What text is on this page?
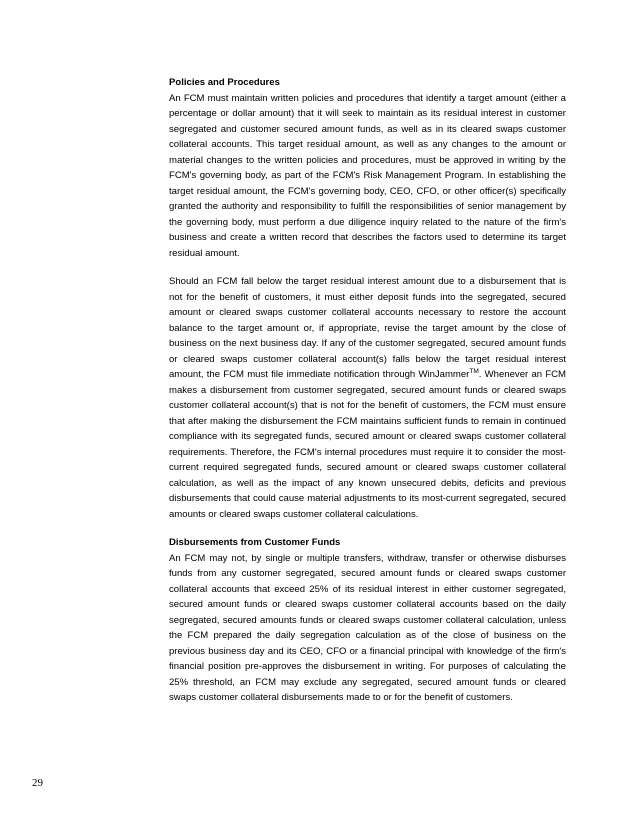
Policies and Procedures

An FCM must maintain written policies and procedures that identify a target amount (either a percentage or dollar amount) that it will seek to maintain as its residual interest in customer segregated and customer secured amount funds, as well as in its cleared swaps customer collateral accounts. This target residual amount, as well as any changes to the amount or material changes to the written policies and procedures, must be approved in writing by the FCM's governing body, as part of the FCM's Risk Management Program. In establishing the target residual amount, the FCM's governing body, CEO, CFO, or other officer(s) specifically granted the authority and responsibility to fulfill the responsibilities of senior management by the governing body, must perform a due diligence inquiry related to the nature of the firm's business and create a written record that describes the factors used to determine its target residual amount.

Should an FCM fall below the target residual interest amount due to a disbursement that is not for the benefit of customers, it must either deposit funds into the segregated, secured amount or cleared swaps customer collateral accounts necessary to restore the account balance to the target amount or, if appropriate, revise the target amount by the close of business on the next business day. If any of the customer segregated, secured amount funds or cleared swaps customer collateral account(s) falls below the target residual interest amount, the FCM must file immediate notification through WinJammer™. Whenever an FCM makes a disbursement from customer segregated, secured amount funds or cleared swaps customer collateral account(s) that is not for the benefit of customers, the FCM must ensure that after making the disbursement the FCM maintains sufficient funds to remain in continued compliance with its segregated funds, secured amount or cleared swaps customer collateral requirements. Therefore, the FCM's internal procedures must require it to consider the most-current required segregated funds, secured amount or cleared swaps customer collateral calculation, as well as the impact of any known unsecured debits, deficits and previous disbursements that could cause material adjustments to its most-current segregated, secured amounts or cleared swaps customer collateral calculations.

Disbursements from Customer Funds

An FCM may not, by single or multiple transfers, withdraw, transfer or otherwise disburses funds from any customer segregated, secured amount funds or cleared swaps customer collateral accounts that exceed 25% of its residual interest in either customer segregated, secured amount funds or cleared swaps customer collateral accounts based on the daily segregated, secured amounts funds or cleared swaps customer collateral calculation, unless the FCM prepared the daily segregation calculation as of the close of business on the previous business day and its CEO, CFO or a financial principal with knowledge of the firm's financial position pre-approves the disbursement in writing. For purposes of calculating the 25% threshold, an FCM may exclude any segregated, secured amount funds or cleared swaps customer collateral disbursements made to or for the benefit of customers.

29
